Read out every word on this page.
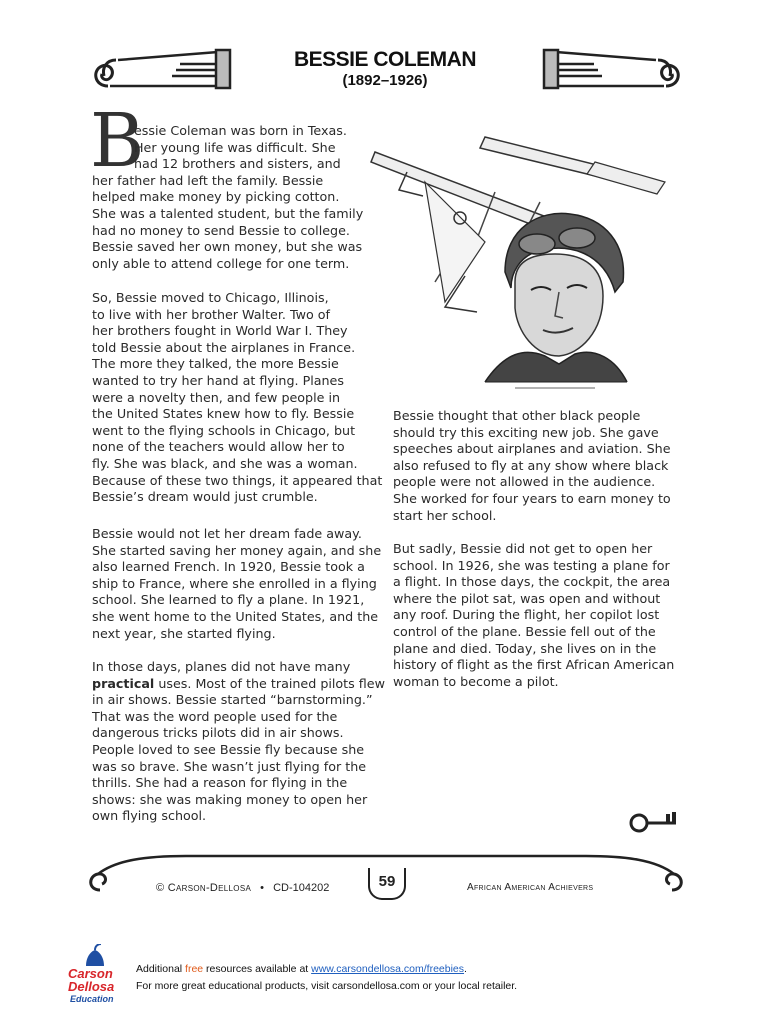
BESSIE COLEMAN
(1892–1926)
B
essie Coleman was born in Texas.
Her young life was difficult. She
had 12 brothers and sisters, and
her father had left the family. Bessie
helped make money by picking cotton.
She was a talented student, but the family
had no money to send Bessie to college.
Bessie saved her own money, but she was
only able to attend college for one term.
So, Bessie moved to Chicago, Illinois,
to live with her brother Walter. Two of
her brothers fought in World War I. They
told Bessie about the airplanes in France.
The more they talked, the more Bessie
wanted to try her hand at flying. Planes
were a novelty then, and few people in
the United States knew how to fly. Bessie
went to the flying schools in Chicago, but
none of the teachers would allow her to
fly. She was black, and she was a woman.
Because of these two things, it appeared that
Bessie’s dream would just crumble.
Bessie would not let her dream fade away.
She started saving her money again, and she
also learned French. In 1920, Bessie took a
ship to France, where she enrolled in a flying
school. She learned to fly a plane. In 1921,
she went home to the United States, and the
next year, she started flying.
In those days, planes did not have many
practical uses. Most of the trained pilots flew
in air shows. Bessie started “barnstorming.”
That was the word people used for the
dangerous tricks pilots did in air shows.
People loved to see Bessie fly because she
was so brave. She wasn’t just flying for the
thrills. She had a reason for flying in the
shows: she was making money to open her
own flying school.
Bessie thought that other black people
should try this exciting new job. She gave
speeches about airplanes and aviation. She
also refused to fly at any show where black
people were not allowed in the audience.
She worked for four years to earn money to
start her school.
But sadly, Bessie did not get to open her
school. In 1926, she was testing a plane for
a flight. In those days, the cockpit, the area
where the pilot sat, was open and without
any roof. During the flight, her copilot lost
control of the plane. Bessie fell out of the
plane and died. Today, she lives on in the
history of flight as the first African American
woman to become a pilot.
59
© Carson-Dellosa • CD-104202	African American Achievers
Carson
Dellosa
Education
Additional free resources available at www.carsondellosa.com/freebies.
For more great educational products, visit carsondellosa.com or your local retailer.
